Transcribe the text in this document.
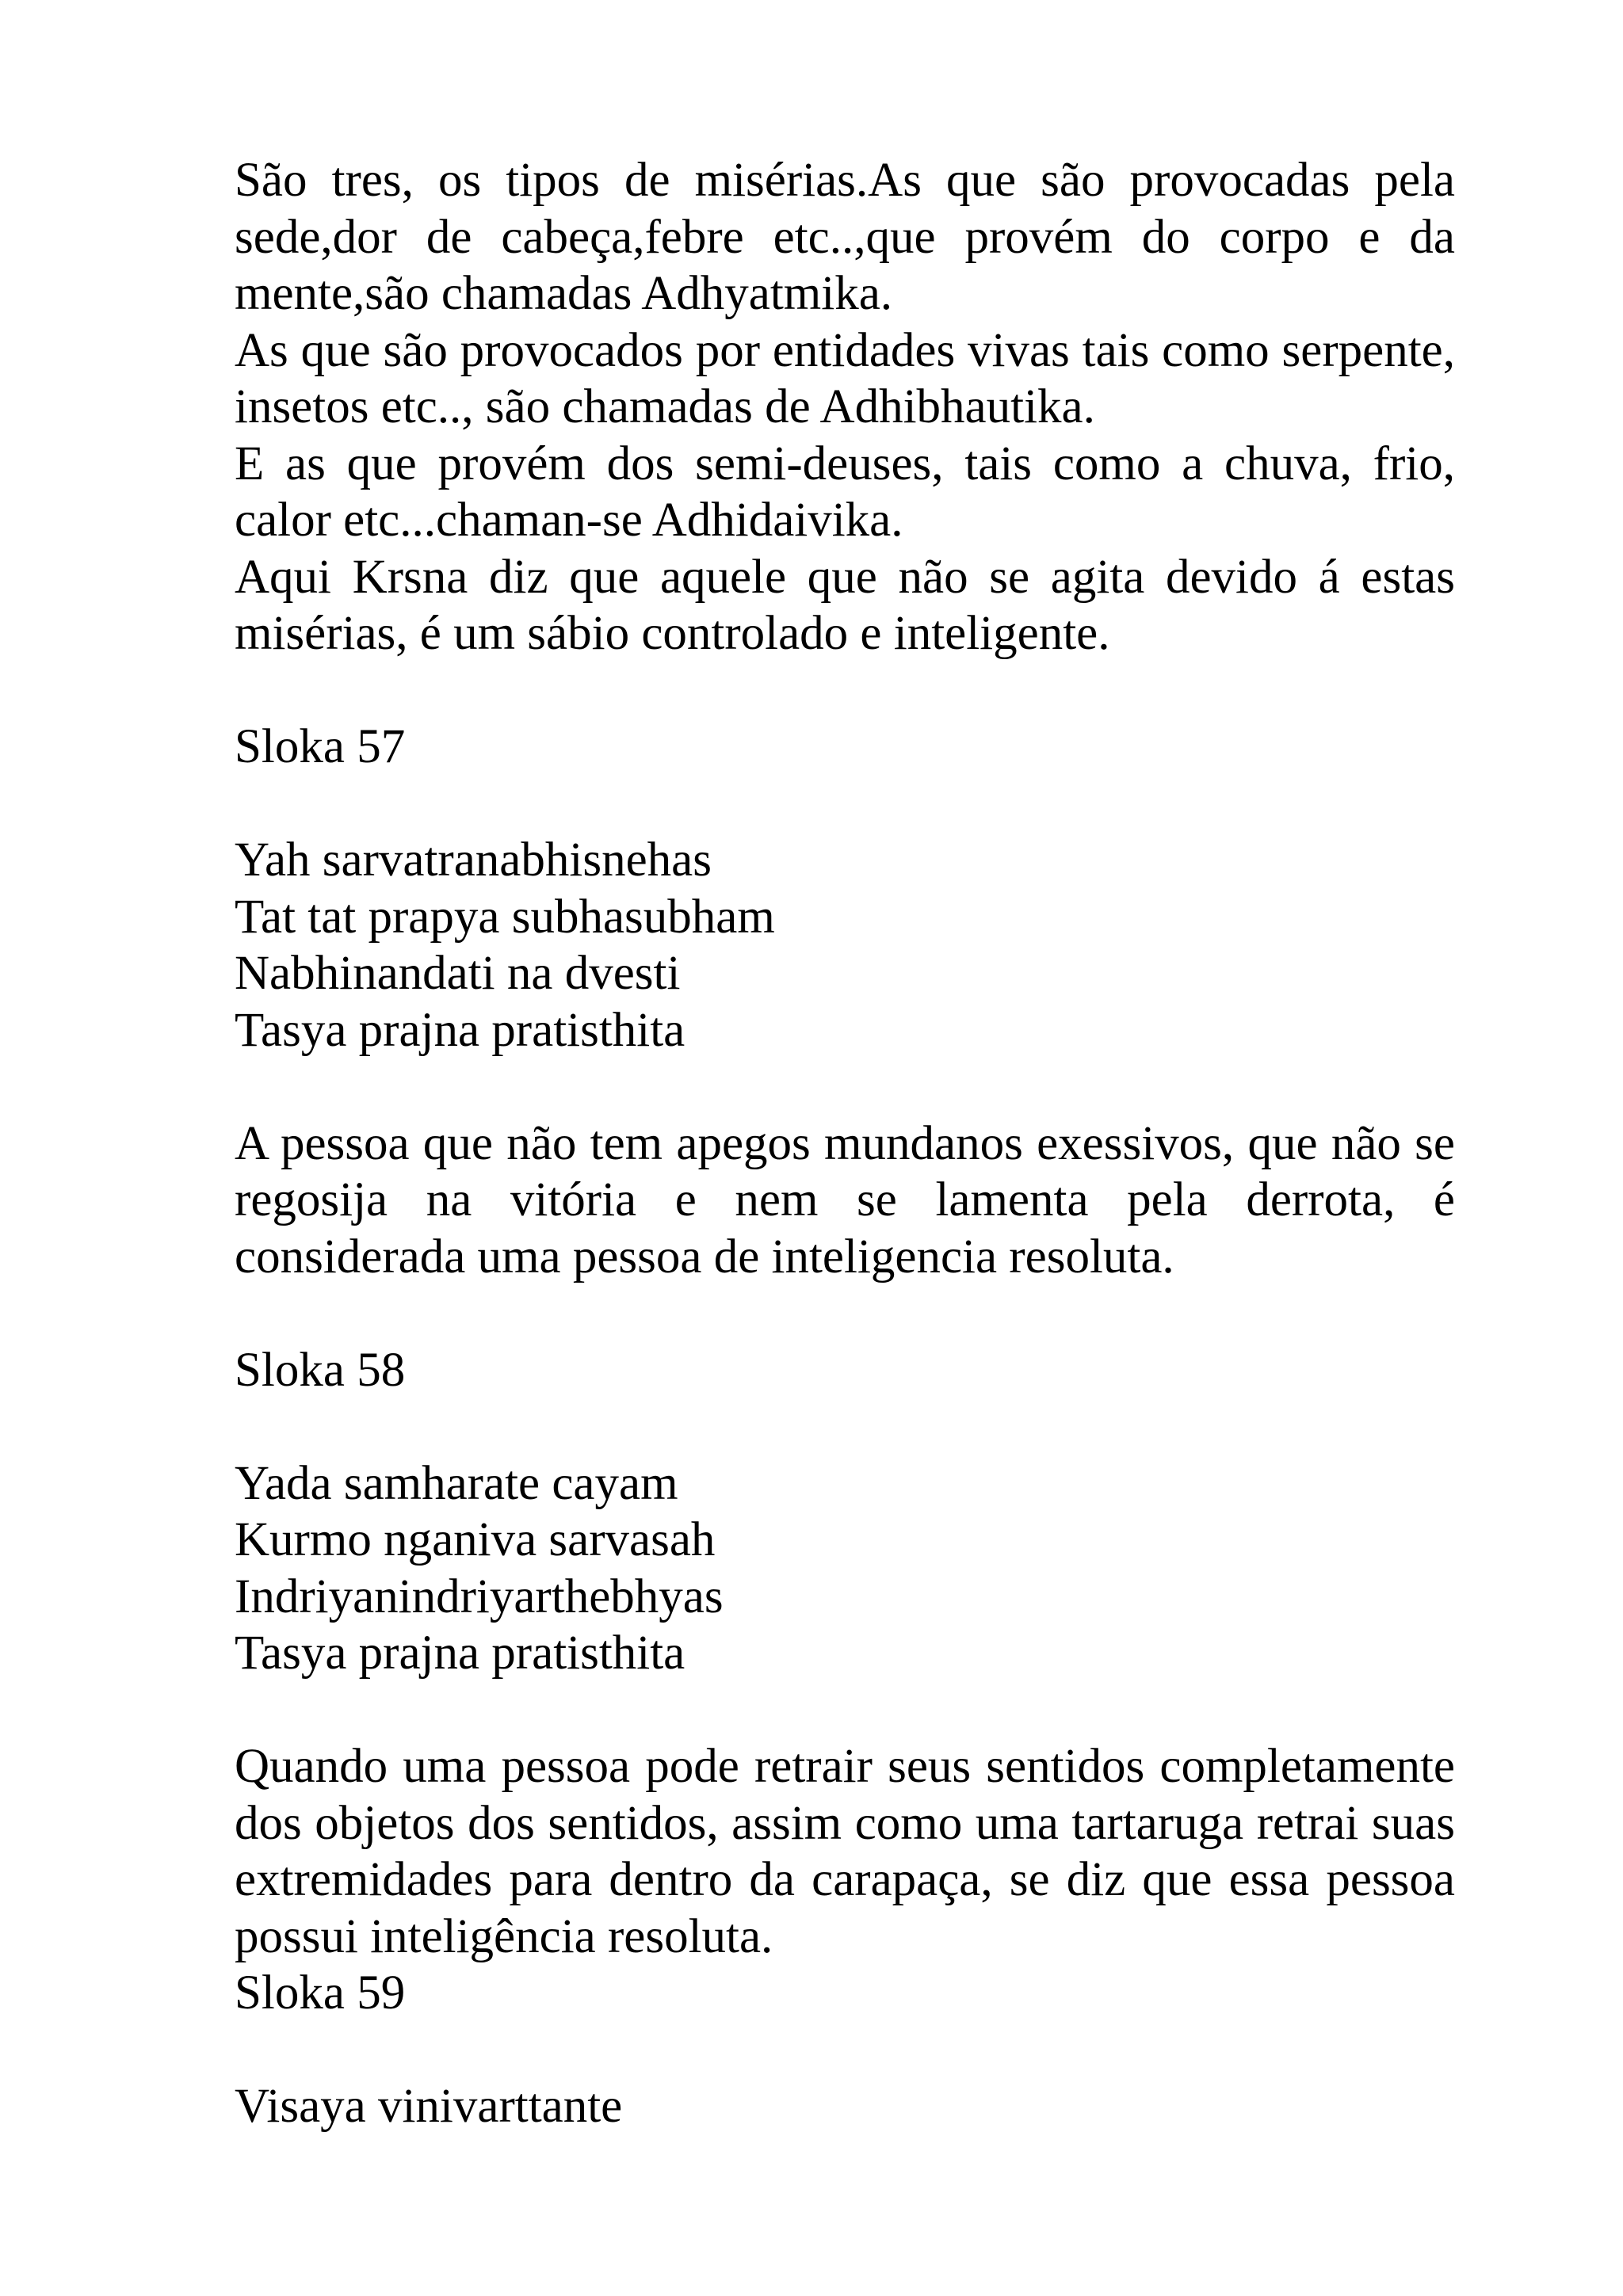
São tres, os tipos de misérias.As que são provocadas pela sede,dor de cabeça,febre etc..,que provém do corpo e da mente,são chamadas Adhyatmika.

As que são provocados por entidades vivas tais como serpente, insetos etc.., são chamadas de Adhibhautika.

E as que provém dos semi-deuses, tais como a chuva, frio, calor etc...chaman-se Adhidaivika.

Aqui Krsna diz que aquele que não se agita devido á estas misérias, é um sábio controlado e inteligente.

Sloka 57

Yah sarvatranabhisnehas

Tat tat prapya subhasubham

Nabhinandati na dvesti

Tasya prajna pratisthita

A pessoa que não tem apegos mundanos exessivos, que não se regosija na vitória e nem se lamenta pela derrota, é considerada uma pessoa de inteligencia resoluta.

Sloka 58

Yada samharate cayam

Kurmo nganiva sarvasah

Indriyanindriyarthebhyas

Tasya prajna pratisthita

Quando uma pessoa pode retrair seus sentidos completamente dos objetos dos sentidos, assim como uma tartaruga retrai suas extremidades para dentro da carapaça, se diz que essa pessoa possui inteligência resoluta.

Sloka 59

Visaya vinivarttante
